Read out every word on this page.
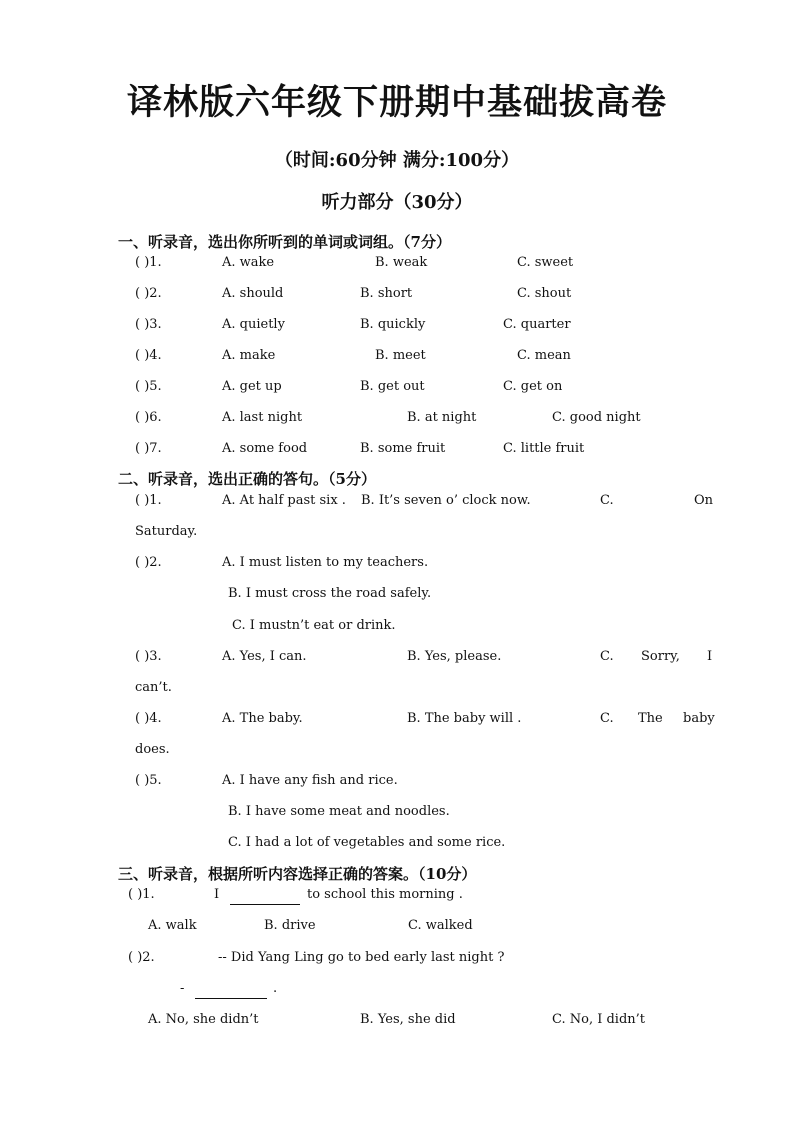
译林版六年级下册期中基础拔高卷
（时间:60分钟 满分:100分）
听力部分（30分）
一、听录音，选出你所听到的单词或词组。（7分）
( )1.	A. wake	B. weak	C. sweet
( )2.	A. should	B. short	C. shout
( )3.	A. quietly	B. quickly	C. quarter
( )4.	A. make	B. meet	C. mean
( )5.	A. get up	B. get out	C. get on
( )6.	A. last night	B. at night	C. good night
( )7.	A. some food	B. some fruit	C. little fruit
二、听录音，选出正确的答句。（5分）
( )1.	A. At half past six . B. It’s seven o’ clock now.	C.	On
Saturday.
( )2.	A. I must listen to my teachers.
B. I must cross the road safely.
C. I mustn’t eat or drink.
( )3.	A. Yes, I can.	B. Yes, please.	C. Sorry, I
can’t.
( )4.	A. The baby.	B. The baby will .	C. The baby
does.
( )5.	A. I have any fish and rice.
B. I have some meat and noodles.
C. I had a lot of vegetables and some rice.
三、听录音，根据所听内容选择正确的答案。（10分）
( )1.	I
	to school this morning .
A. walk	B. drive	C. walked
( )2.	-- Did Yang Ling go to bed early last night ?
-
	.
A. No, she didn’t	B. Yes, she did	C. No, I didn’t
